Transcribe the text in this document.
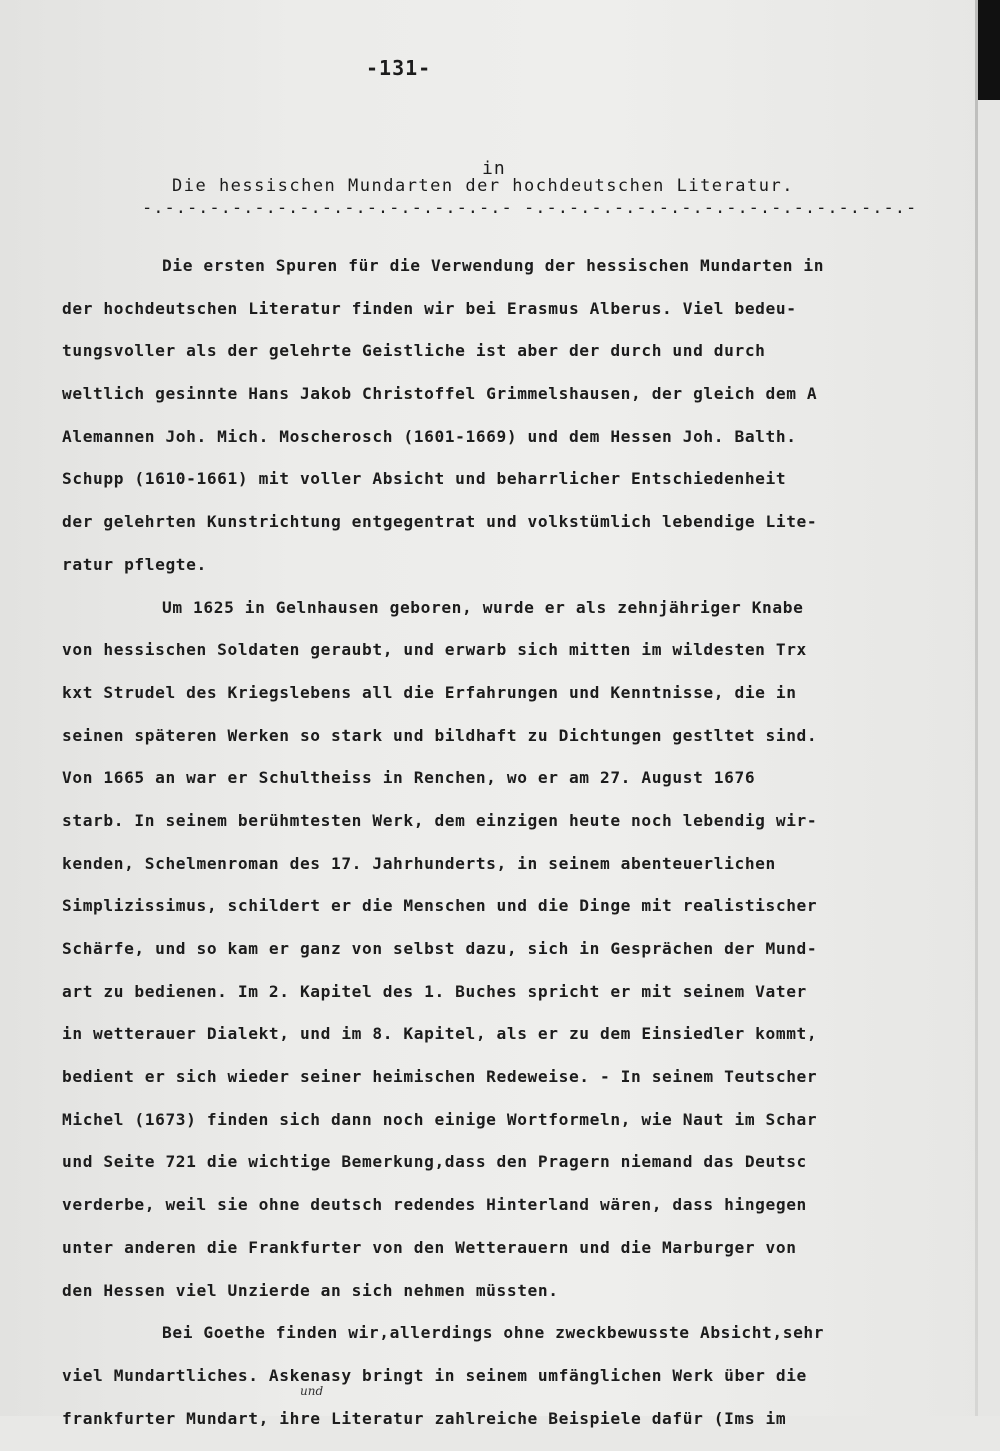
-131-
in
Die hessischen Mundarten der hochdeutschen Literatur.
-.-.-.-.-.-.-.-.-.-.-.-.-.-.-.-.- -.-.-.-.-.-.-.-.-.-.-.-.-.-.-.-.-.-
Die ersten Spuren für die Verwendung der hessischen Mundarten in
der hochdeutschen Literatur finden wir bei Erasmus Alberus. Viel bedeu-
tungsvoller als der gelehrte Geistliche ist aber der durch und durch
weltlich gesinnte Hans Jakob Christoffel Grimmelshausen, der gleich dem A
Alemannen Joh. Mich. Moscherosch (1601-1669) und dem Hessen Joh. Balth.
Schupp (1610-1661) mit voller Absicht und beharrlicher Entschiedenheit
der gelehrten Kunstrichtung entgegentrat und volkstümlich lebendige Lite-
ratur pflegte.
Um 1625 in Gelnhausen geboren, wurde er als zehnjähriger Knabe
von hessischen Soldaten geraubt, und erwarb sich mitten im wildesten Trx
kxt Strudel des Kriegslebens all die Erfahrungen und Kenntnisse, die in
seinen späteren Werken so stark und bildhaft zu Dichtungen gestltet sind.
Von 1665 an war er Schultheiss in Renchen, wo er am 27. August 1676
starb. In seinem berühmtesten Werk, dem einzigen heute noch lebendig wir-
kenden, Schelmenroman des 17. Jahrhunderts, in seinem abenteuerlichen
Simplizissimus, schildert er die Menschen und die Dinge mit realistischer
Schärfe, und so kam er ganz von selbst dazu, sich in Gesprächen der Mund-
art zu bedienen. Im 2. Kapitel des 1. Buches spricht er mit seinem Vater
in wetterauer Dialekt, und im 8. Kapitel, als er zu dem Einsiedler kommt,
bedient er sich wieder seiner heimischen Redeweise. - In seinem Teutscher
Michel (1673) finden sich dann noch einige Wortformeln, wie Naut im Schar
und Seite 721 die wichtige Bemerkung,dass den Pragern niemand das Deutsc
verderbe, weil sie ohne deutsch redendes Hinterland wären, dass hingegen
unter anderen die Frankfurter von den Wetterauern und die Marburger von
den Hessen viel Unzierde an sich nehmen müssten.
Bei Goethe finden wir,allerdings ohne zweckbewusste Absicht,sehr
viel Mundartliches. Askenasy bringt in seinem umfänglichen Werk über die
frankfurter Mundart, ihre Literatur zahlreiche Beispiele dafür (Ims im
und
